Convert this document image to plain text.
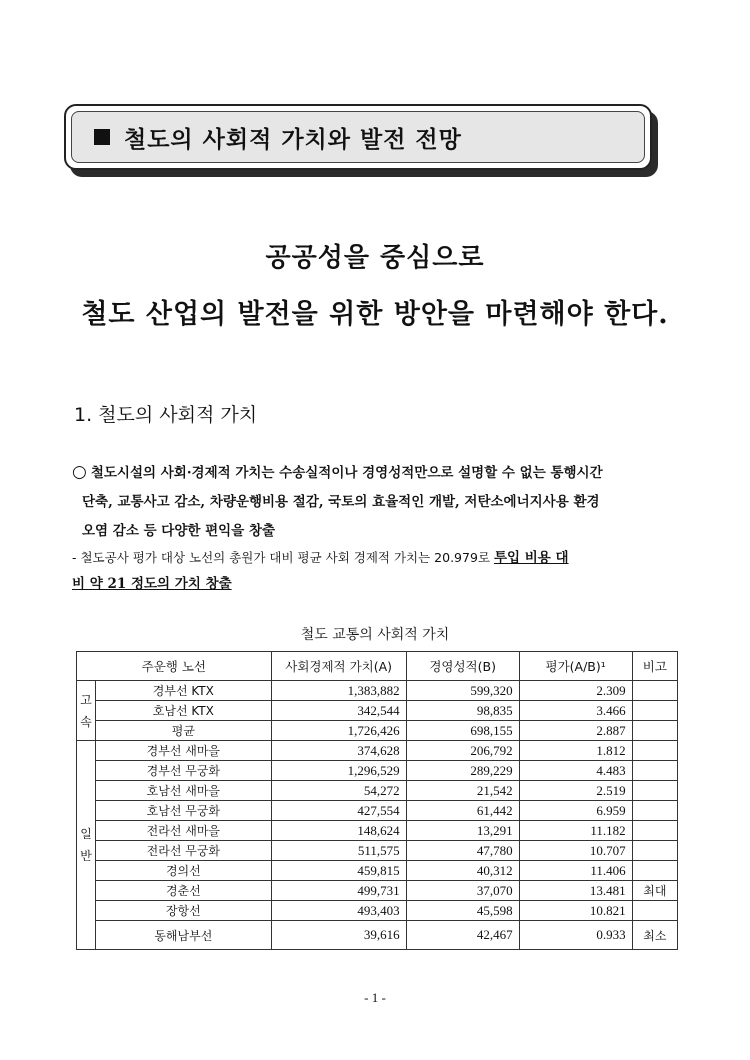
철도의 사회적 가치와 발전 전망
공공성을 중심으로
철도 산업의 발전을 위한 방안을 마련해야 한다.
1. 철도의 사회적 가치
○ 철도시설의 사회·경제적 가치는 수송실적이나 경영성적만으로 설명할 수 없는 통행시간
단축, 교통사고 감소, 차량운행비용 절감, 국토의 효율적인 개발, 저탄소에너지사용 환경
오염 감소 등 다양한 편익을 창출
- 철도공사 평가 대상 노선의 총원가 대비 평균 사회 경제적 가치는 20.979로 투입 비용 대
비 약 21 정도의 가치 창출
철도 교통의 사회적 가치
주운행 노선		사회경제적 가치(A)	경영성적(B)	평가(A/B)¹	비고
고
속	경부선 KTX	1,383,882	599,320	2.309	
	호남선 KTX	342,544	98,835	3.466	
	평균	1,726,426	698,155	2.887	
일
반	경부선 새마을	374,628	206,792	1.812	
	경부선 무궁화	1,296,529	289,229	4.483	
	호남선 새마을	54,272	21,542	2.519	
	호남선 무궁화	427,554	61,442	6.959	
	전라선 새마을	148,624	13,291	11.182	
	전라선 무궁화	511,575	47,780	10.707	
	경의선	459,815	40,312	11.406	
	경춘선	499,731	37,070	13.481	최대
	장항선	493,403	45,598	10.821	
	동해남부선	39,616	42,467	0.933	최소
- 1 -
